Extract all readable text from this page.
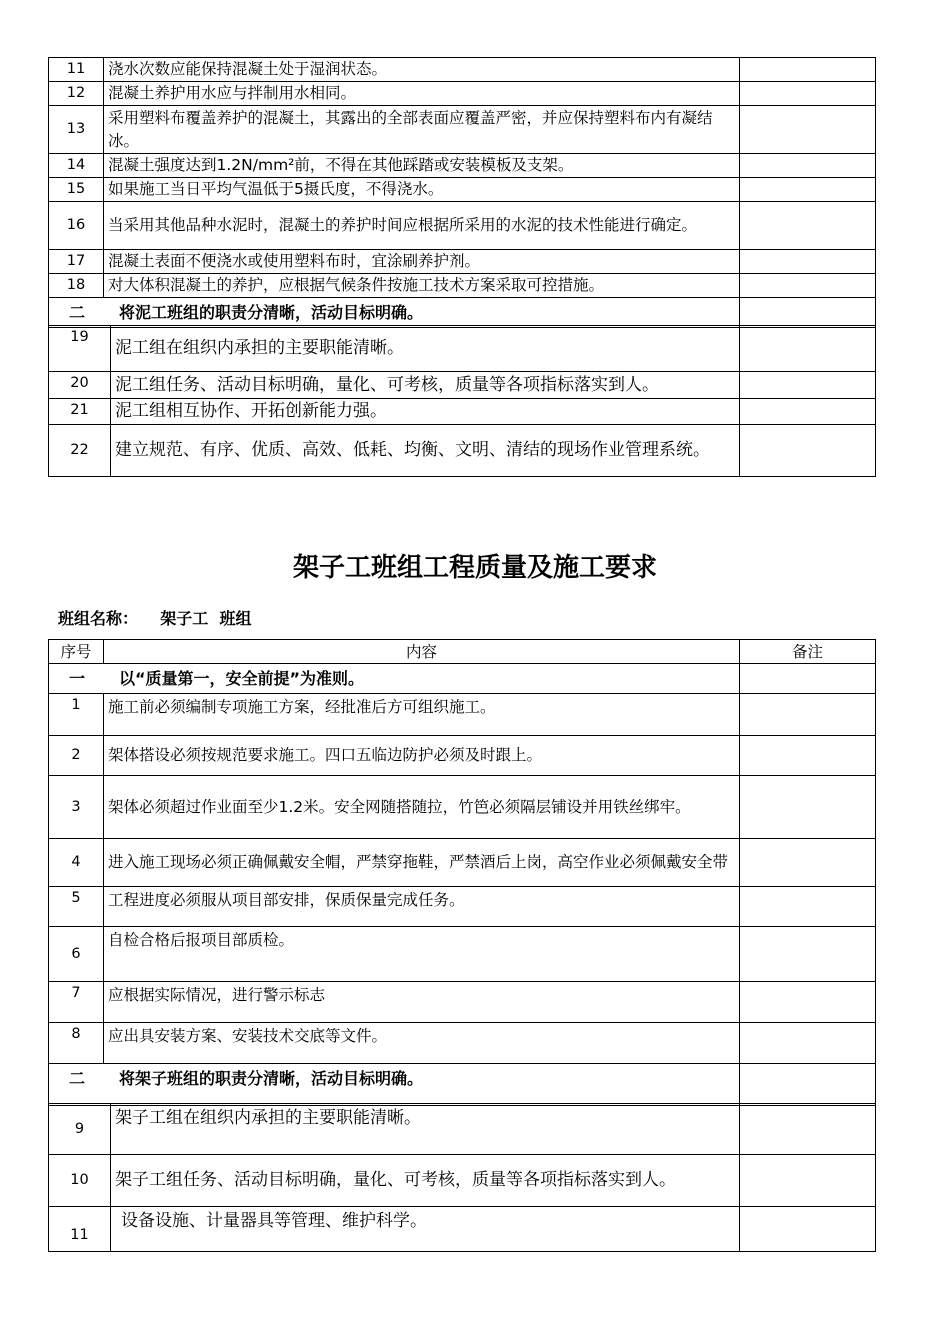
11	浇水次数应能保持混凝土处于湿润状态。	
12	混凝土养护用水应与拌制用水相同。	
13	采用塑料布覆盖养护的混凝土，其露出的全部表面应覆盖严密，并应保持塑料布内有凝结冰。	
14	混凝土强度达到1.2N/mm²前，不得在其他踩踏或安装模板及支架。	
15	如果施工当日平均气温低于5摄氏度，不得浇水。	
16	当采用其他品种水泥时，混凝土的养护时间应根据所采用的水泥的技术性能进行确定。	
17	混凝土表面不便浇水或使用塑料布时，宜涂刷养护剂。	
18	对大体积混凝土的养护，应根据气候条件按施工技术方案采取可控措施。	
二 将泥工班组的职责分清晰，活动目标明确。		
19	泥工组在组织内承担的主要职能清晰。	
20	泥工组任务、活动目标明确，量化、可考核，质量等各项指标落实到人。	
21	泥工组相互协作、开拓创新能力强。	
22	建立规范、有序、优质、高效、低耗、均衡、文明、清结的现场作业管理系统。	
架子工班组工程质量及施工要求
班组名称： 架子工  班组
序号	内容	备注
一 以“质量第一，安全前提”为准则。		
1	施工前必须编制专项施工方案，经批准后方可组织施工。	
2	架体搭设必须按规范要求施工。四口五临边防护必须及时跟上。	
3	架体必须超过作业面至少1.2米。安全网随搭随拉，竹笆必须隔层铺设并用铁丝绑牢。	
4	进入施工现场必须正确佩戴安全帽，严禁穿拖鞋，严禁酒后上岗，高空作业必须佩戴安全带	
5	工程进度必须服从项目部安排，保质保量完成任务。	
6	自检合格后报项目部质检。	
7	应根据实际情况，进行警示标志	
8	应出具安装方案、安装技术交底等文件。	
二 将架子班组的职责分清晰，活动目标明确。		
9	架子工组在组织内承担的主要职能清晰。	
10	架子工组任务、活动目标明确，量化、可考核，质量等各项指标落实到人。	
11	设备设施、计量器具等管理、维护科学。	
